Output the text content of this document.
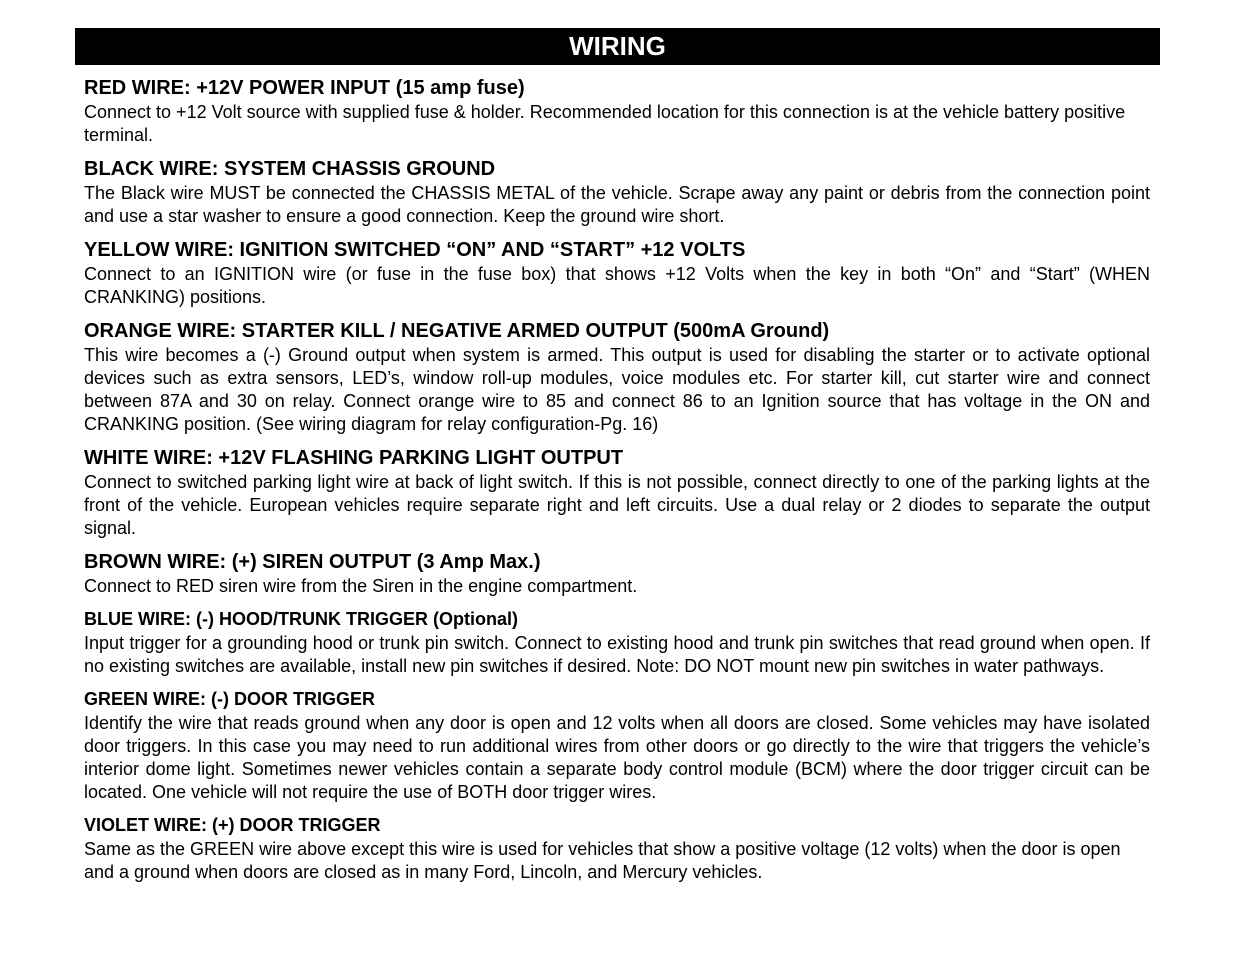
WIRING
RED WIRE: +12V POWER INPUT (15 amp fuse)

Connect to +12 Volt source with supplied fuse & holder. Recommended location for this connection is at the vehicle battery positive terminal.

BLACK WIRE: SYSTEM CHASSIS GROUND

The Black wire MUST be connected the CHASSIS METAL of the vehicle. Scrape away any paint or debris from the connection point and use a star washer to ensure a good connection. Keep the ground wire short.

YELLOW WIRE: IGNITION SWITCHED “ON” AND “START” +12 VOLTS

Connect to an IGNITION wire (or fuse in the fuse box) that shows +12 Volts when the key in both “On” and “Start” (WHEN CRANKING) positions.

ORANGE WIRE: STARTER KILL / NEGATIVE ARMED OUTPUT (500mA Ground)

This wire becomes a (-) Ground output when system is armed. This output is used for disabling the starter or to activate optional devices such as extra sensors, LED’s, window roll-up modules, voice modules etc. For starter kill, cut starter wire and connect between 87A and 30 on relay. Connect orange wire to 85 and connect 86 to an Ignition source that has voltage in the ON and CRANKING position. (See wiring diagram for relay configuration-Pg. 16)

WHITE WIRE: +12V FLASHING PARKING LIGHT OUTPUT

Connect to switched parking light wire at back of light switch. If this is not possible, connect directly to one of the parking lights at the front of the vehicle. European vehicles require separate right and left circuits. Use a dual relay or 2 diodes to separate the output signal.

BROWN WIRE: (+) SIREN OUTPUT (3 Amp Max.)

Connect to RED siren wire from the Siren in the engine compartment.

BLUE WIRE: (-) HOOD/TRUNK TRIGGER (Optional)

Input trigger for a grounding hood or trunk pin switch. Connect to existing hood and trunk pin switches that read ground when open. If no existing switches are available, install new pin switches if desired. Note: DO NOT mount new pin switches in water pathways.

GREEN WIRE: (-) DOOR TRIGGER

Identify the wire that reads ground when any door is open and 12 volts when all doors are closed. Some vehicles may have isolated door triggers. In this case you may need to run additional wires from other doors or go directly to the wire that triggers the vehicle’s interior dome light. Sometimes newer vehicles contain a separate body control module (BCM) where the door trigger circuit can be located. One vehicle will not require the use of BOTH door trigger wires.

VIOLET WIRE: (+) DOOR TRIGGER

Same as the GREEN wire above except this wire is used for vehicles that show a positive voltage (12 volts) when the door is open and a ground when doors are closed as in many Ford, Lincoln, and Mercury vehicles.
